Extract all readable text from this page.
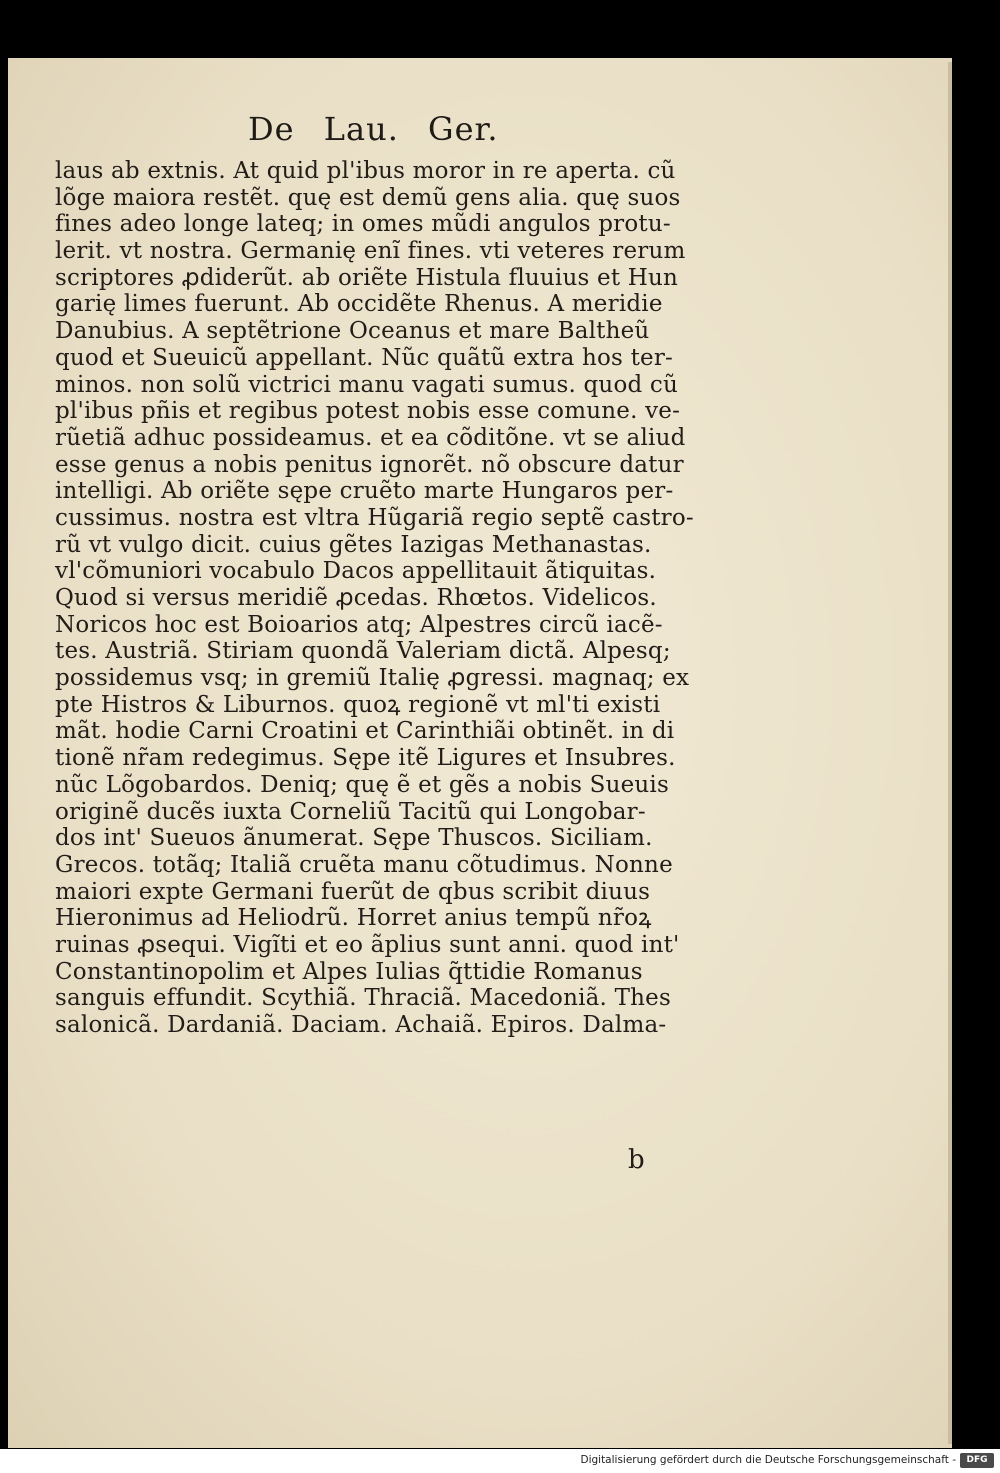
De Lau. Ger.
laus ab extnis. At quid pl'ibus moror in re aperta. cũ
lõge maiora restẽt. quę est demũ gens alia. quę suos
fines adeo longe lateq; in omes mũdi angulos protu-
lerit. vt nostra. Germanię enĩ fines. vti veteres rerum
scriptores ꝓdiderũt. ab oriẽte Histula fluuius et Hun
garię limes fuerunt. Ab occidẽte Rhenus. A meridie
Danubius. A septẽtrione Oceanus et mare Baltheũ
quod et Sueuicũ appellant. Nũc quãtũ extra hos ter-
minos. non solũ victrici manu vagati sumus. quod cũ
pl'ibus pñis et regibus potest nobis esse comune. ve-
rũetiã adhuc possideamus. et ea cõditõne. vt se aliud
esse genus a nobis penitus ignorẽt. nõ obscure datur
intelligi. Ab oriẽte sępe cruẽto marte Hungaros per-
cussimus. nostra est vltra Hũgariã regio septẽ castro-
rũ vt vulgo dicit. cuius gẽtes Iazigas Methanastas.
vl'cõmuniori vocabulo Dacos appellitauit ãtiquitas.
Quod si versus meridiẽ ꝓcedas. Rhœtos. Videlicos.
Noricos hoc est Boioarios atq; Alpestres circũ iacẽ-
tes. Austriã. Stiriam quondã Valeriam dictã. Alpesq;
possidemus vsq; in gremiũ Italię ꝓgressi. magnaq; ex
pte Histros & Liburnos. quoꝝ regionẽ vt ml'ti existi
mãt. hodie Carni Croatini et Carinthiãi obtinẽt. in di
tionẽ nr̃am redegimus. Sępe itẽ Ligures et Insubres.
nũc Lõgobardos. Deniq; quę ẽ et gẽs a nobis Sueuis
originẽ ducẽs iuxta Corneliũ Tacitũ qui Longobar-
dos int' Sueuos ãnumerat. Sępe Thuscos. Siciliam.
Grecos. totãq; Italiã cruẽta manu cõtudimus. Nonne
maiori expte Germani fuerũt de qbus scribit diuus
Hieronimus ad Heliodrũ. Horret anius tempũ nr̃oꝝ
ruinas ꝓsequi. Vigĩti et eo ãplius sunt anni. quod int'
Constantinopolim et Alpes Iulias q̃ttidie Romanus
sanguis effundit. Scythiã. Thraciã. Macedoniã. Thes
salonicã. Dardaniã. Daciam. Achaiã. Epiros. Dalma-
b
Digitalisierung gefördert durch die Deutsche Forschungsgemeinschaft -	DFG
